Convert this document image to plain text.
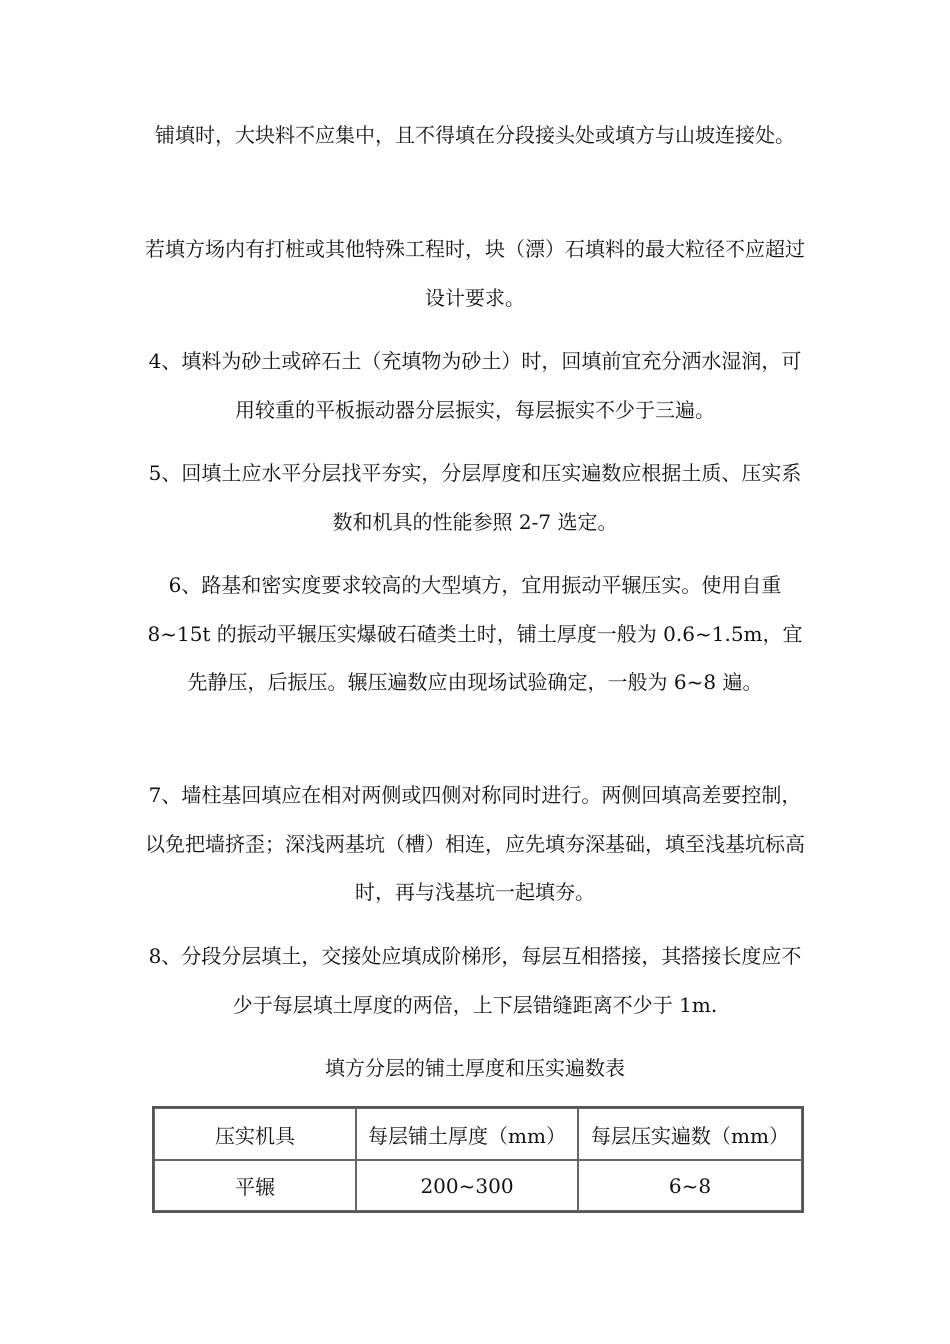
铺填时，大块料不应集中，且不得填在分段接头处或填方与山坡连接处。

若填方场内有打桩或其他特殊工程时，块（漂）石填料的最大粒径不应超过设计要求。

4、填料为砂土或碎石土（充填物为砂土）时，回填前宜充分洒水湿润，可用较重的平板振动器分层振实，每层振实不少于三遍。

5、回填土应水平分层找平夯实，分层厚度和压实遍数应根据土质、压实系数和机具的性能参照 2-7 选定。

6、路基和密实度要求较高的大型填方，宜用振动平辗压实。使用自重 8~15t 的振动平辗压实爆破石碴类土时，铺土厚度一般为 0.6~1.5m，宜先静压，后振压。辗压遍数应由现场试验确定，一般为 6~8 遍。

7、墙柱基回填应在相对两侧或四侧对称同时进行。两侧回填高差要控制，以免把墙挤歪；深浅两基坑（槽）相连，应先填夯深基础，填至浅基坑标高时，再与浅基坑一起填夯。

8、分段分层填土，交接处应填成阶梯形，每层互相搭接，其搭接长度应不少于每层填土厚度的两倍，上下层错缝距离不少于 1m.

填方分层的铺土厚度和压实遍数表
压实机具	每层铺土厚度（mm）	每层压实遍数（mm）
平辗	200~300	6~8
